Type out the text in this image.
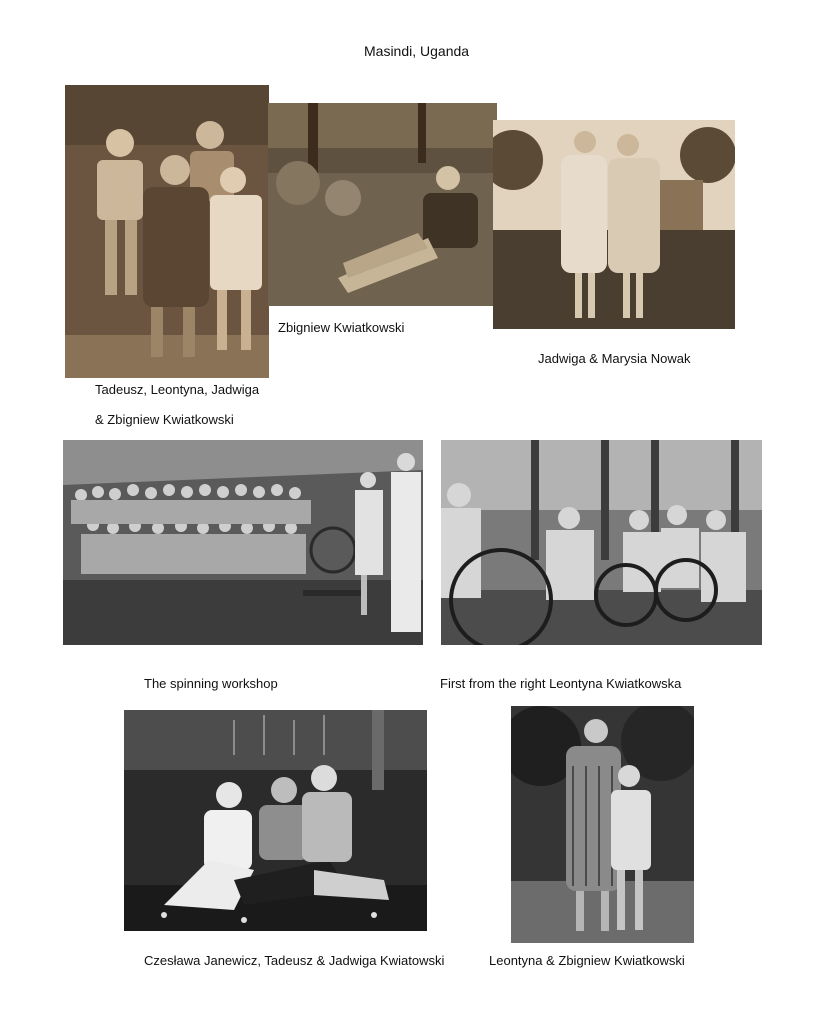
Masindi, Uganda
Zbigniew Kwiatkowski
Jadwiga & Marysia Nowak
Tadeusz, Leontyna, Jadwiga
& Zbigniew Kwiatkowski
The spinning workshop	First from the right Leontyna Kwiatkowska
Czesława Janewicz, Tadeusz & Jadwiga Kwiatowski	Leontyna & Zbigniew Kwiatkowski
